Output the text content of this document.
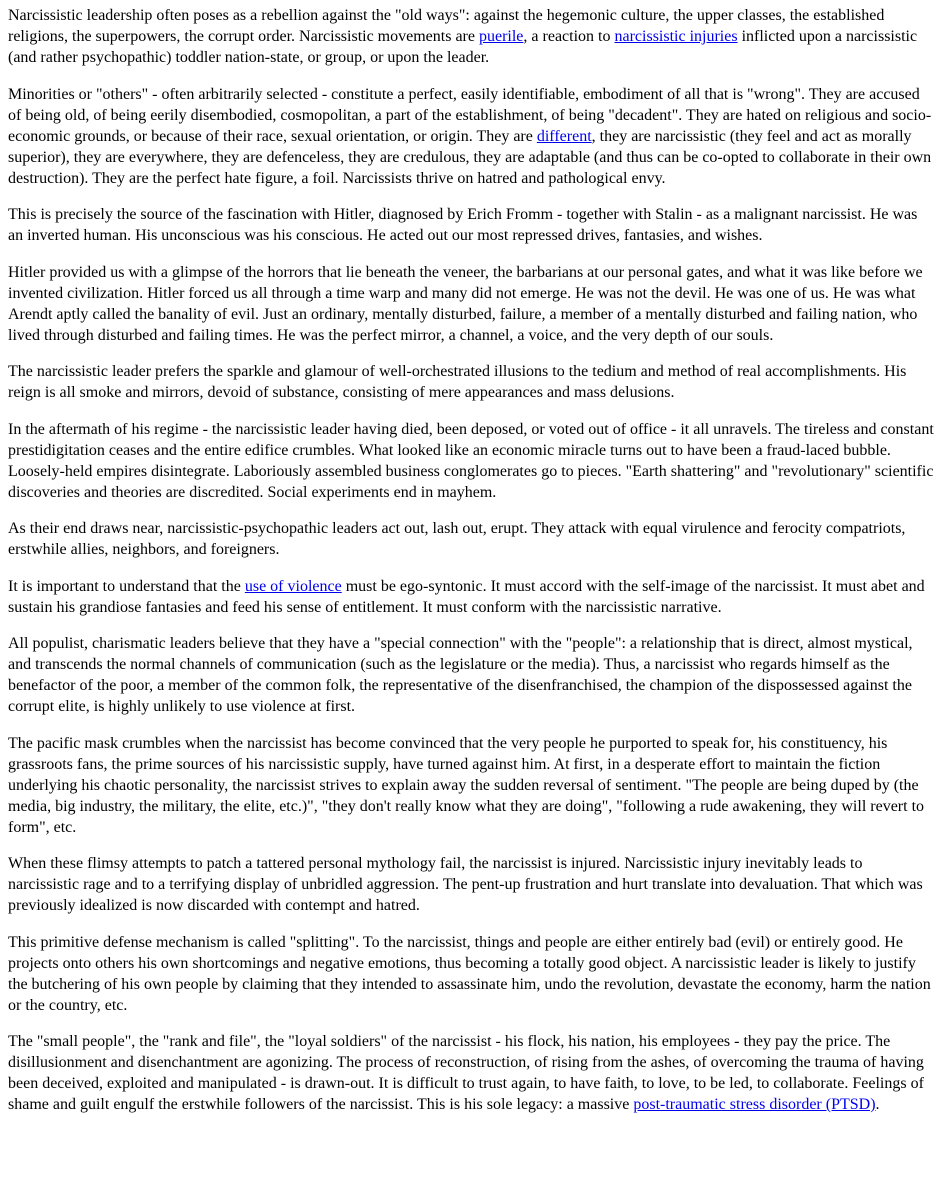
Narcissistic leadership often poses as a rebellion against the "old ways": against the hegemonic culture, the upper classes, the established religions, the superpowers, the corrupt order. Narcissistic movements are puerile, a reaction to narcissistic injuries inflicted upon a narcissistic (and rather psychopathic) toddler nation-state, or group, or upon the leader.

Minorities or "others" - often arbitrarily selected - constitute a perfect, easily identifiable, embodiment of all that is "wrong". They are accused of being old, of being eerily disembodied, cosmopolitan, a part of the establishment, of being "decadent". They are hated on religious and socio-economic grounds, or because of their race, sexual orientation, or origin. They are different, they are narcissistic (they feel and act as morally superior), they are everywhere, they are defenceless, they are credulous, they are adaptable (and thus can be co-opted to collaborate in their own destruction). They are the perfect hate figure, a foil. Narcissists thrive on hatred and pathological envy.

This is precisely the source of the fascination with Hitler, diagnosed by Erich Fromm - together with Stalin - as a malignant narcissist. He was an inverted human. His unconscious was his conscious. He acted out our most repressed drives, fantasies, and wishes.

Hitler provided us with a glimpse of the horrors that lie beneath the veneer, the barbarians at our personal gates, and what it was like before we invented civilization. Hitler forced us all through a time warp and many did not emerge. He was not the devil. He was one of us. He was what Arendt aptly called the banality of evil. Just an ordinary, mentally disturbed, failure, a member of a mentally disturbed and failing nation, who lived through disturbed and failing times. He was the perfect mirror, a channel, a voice, and the very depth of our souls.

The narcissistic leader prefers the sparkle and glamour of well-orchestrated illusions to the tedium and method of real accomplishments. His reign is all smoke and mirrors, devoid of substance, consisting of mere appearances and mass delusions.

In the aftermath of his regime - the narcissistic leader having died, been deposed, or voted out of office - it all unravels. The tireless and constant prestidigitation ceases and the entire edifice crumbles. What looked like an economic miracle turns out to have been a fraud-laced bubble. Loosely-held empires disintegrate. Laboriously assembled business conglomerates go to pieces. "Earth shattering" and "revolutionary" scientific discoveries and theories are discredited. Social experiments end in mayhem.

As their end draws near, narcissistic-psychopathic leaders act out, lash out, erupt. They attack with equal virulence and ferocity compatriots, erstwhile allies, neighbors, and foreigners.

It is important to understand that the use of violence must be ego-syntonic. It must accord with the self-image of the narcissist. It must abet and sustain his grandiose fantasies and feed his sense of entitlement. It must conform with the narcissistic narrative.

All populist, charismatic leaders believe that they have a "special connection" with the "people": a relationship that is direct, almost mystical, and transcends the normal channels of communication (such as the legislature or the media). Thus, a narcissist who regards himself as the benefactor of the poor, a member of the common folk, the representative of the disenfranchised, the champion of the dispossessed against the corrupt elite, is highly unlikely to use violence at first.

The pacific mask crumbles when the narcissist has become convinced that the very people he purported to speak for, his constituency, his grassroots fans, the prime sources of his narcissistic supply, have turned against him. At first, in a desperate effort to maintain the fiction underlying his chaotic personality, the narcissist strives to explain away the sudden reversal of sentiment. "The people are being duped by (the media, big industry, the military, the elite, etc.)", "they don't really know what they are doing", "following a rude awakening, they will revert to form", etc.

When these flimsy attempts to patch a tattered personal mythology fail, the narcissist is injured. Narcissistic injury inevitably leads to narcissistic rage and to a terrifying display of unbridled aggression. The pent-up frustration and hurt translate into devaluation. That which was previously idealized is now discarded with contempt and hatred.

This primitive defense mechanism is called "splitting". To the narcissist, things and people are either entirely bad (evil) or entirely good. He projects onto others his own shortcomings and negative emotions, thus becoming a totally good object. A narcissistic leader is likely to justify the butchering of his own people by claiming that they intended to assassinate him, undo the revolution, devastate the economy, harm the nation or the country, etc.

The "small people", the "rank and file", the "loyal soldiers" of the narcissist - his flock, his nation, his employees - they pay the price. The disillusionment and disenchantment are agonizing. The process of reconstruction, of rising from the ashes, of overcoming the trauma of having been deceived, exploited and manipulated - is drawn-out. It is difficult to trust again, to have faith, to love, to be led, to collaborate. Feelings of shame and guilt engulf the erstwhile followers of the narcissist. This is his sole legacy: a massive post-traumatic stress disorder (PTSD).
